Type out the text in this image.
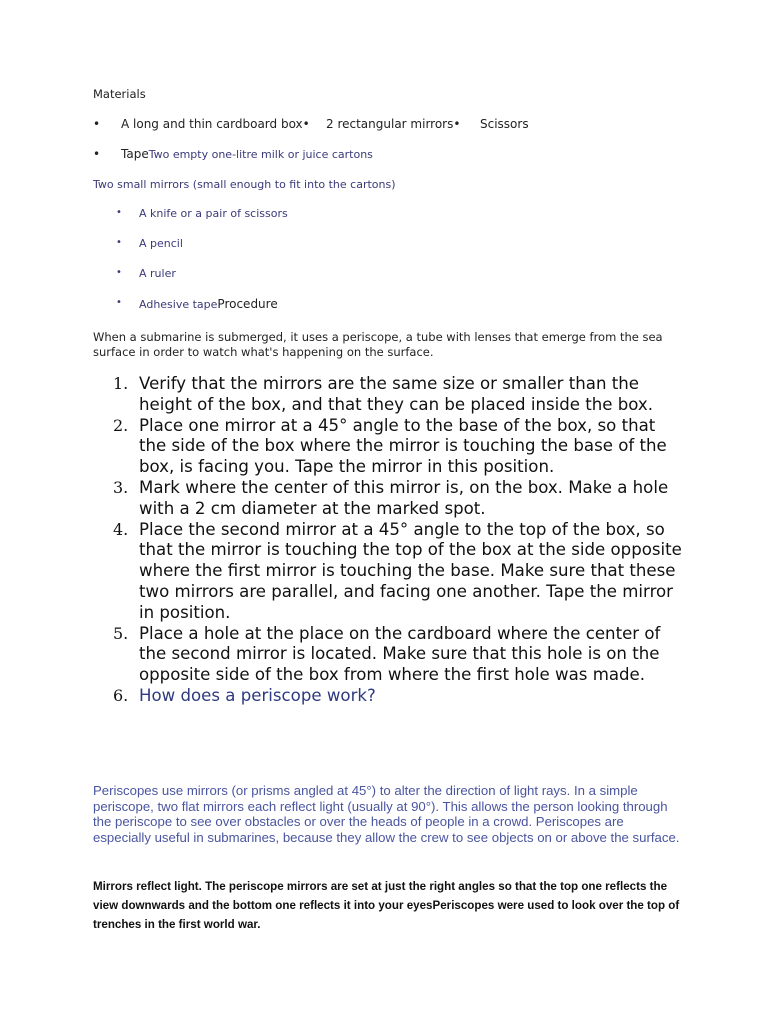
Materials
• A long and thin cardboard box• 2 rectangular mirrors• Scissors
• TapeTwo empty one-litre milk or juice cartons
Two small mirrors (small enough to fit into the cartons)
• A knife or a pair of scissors
• A pencil
• A ruler
• Adhesive tapeProcedure
When a submarine is submerged, it uses a periscope, a tube with lenses that emerge from the sea surface in order to watch what's happening on the surface.
1. Verify that the mirrors are the same size or smaller than the height of the box, and that they can be placed inside the box.
2. Place one mirror at a 45° angle to the base of the box, so that the side of the box where the mirror is touching the base of the box, is facing you. Tape the mirror in this position.
3. Mark where the center of this mirror is, on the box. Make a hole with a 2 cm diameter at the marked spot.
4. Place the second mirror at a 45° angle to the top of the box, so that the mirror is touching the top of the box at the side opposite where the first mirror is touching the base. Make sure that these two mirrors are parallel, and facing one another. Tape the mirror in position.
5. Place a hole at the place on the cardboard where the center of the second mirror is located. Make sure that this hole is on the opposite side of the box from where the first hole was made.
6. How does a periscope work?
Periscopes use mirrors (or prisms angled at 45°) to alter the direction of light rays. In a simple periscope, two flat mirrors each reflect light (usually at 90°). This allows the person looking through the periscope to see over obstacles or over the heads of people in a crowd. Periscopes are especially useful in submarines, because they allow the crew to see objects on or above the surface.
Mirrors reflect light. The periscope mirrors are set at just the right angles so that the top one reflects the view downwards and the bottom one reflects it into your eyesPeriscopes were used to look over the top of trenches in the first world war.
